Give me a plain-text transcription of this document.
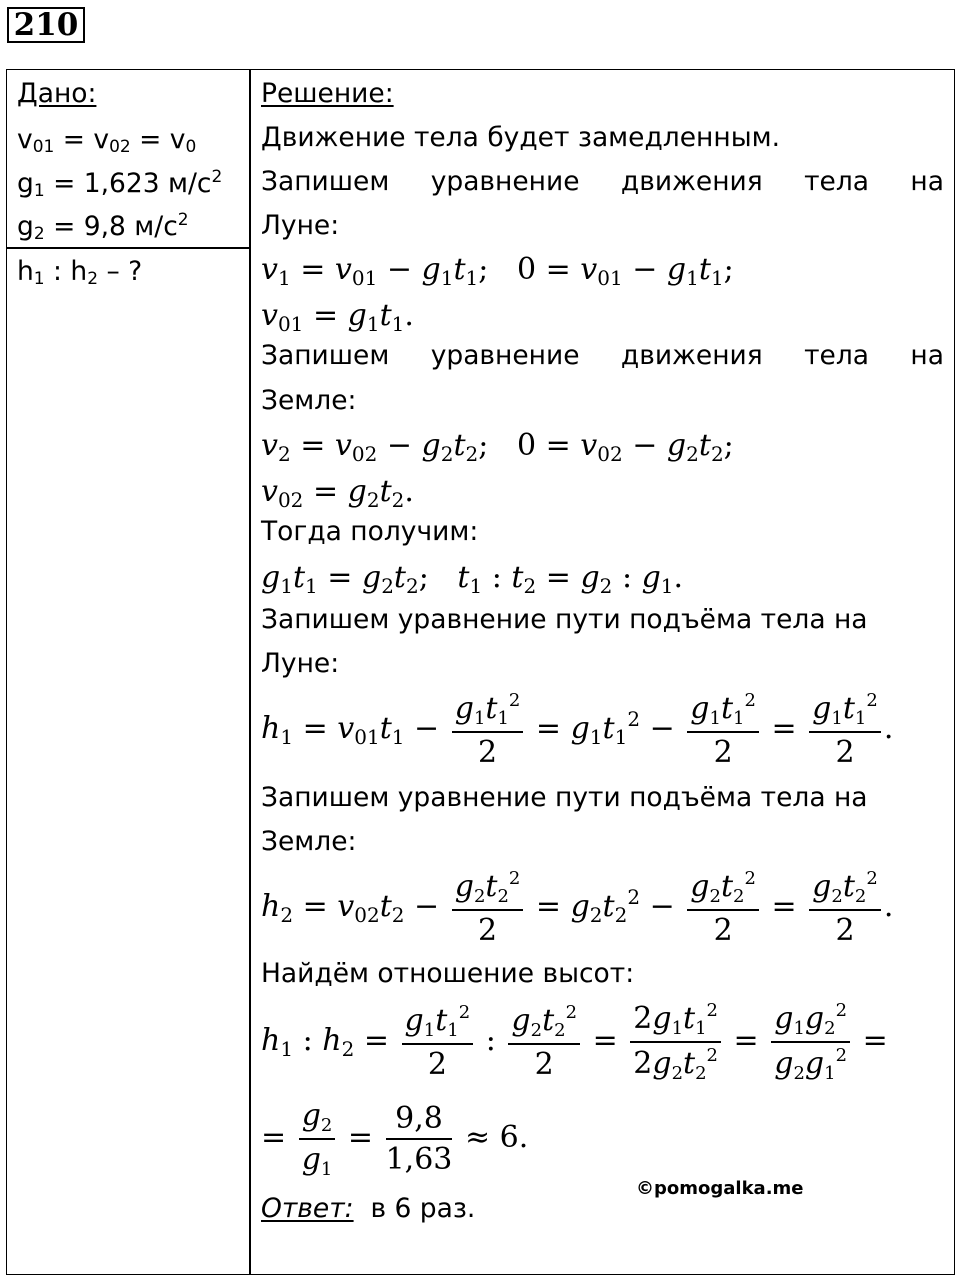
210
Дано:
$v_{01} = v_{02} = v_0$
$g_1 = 1,623$ $м/с^2$
$g_2 = 9,8$ $м/с^2$
$h_1$ : $h_2$ – ?
Решение:
Движение тела будет замедленным.
Запишем уравнение движения тела на
Луне:
$v_1 = v_{01} - g_1t_1$; $0 = v_{01} - g_1t_1$;
$v_{01} = g_1t_1$.
Запишем уравнение движения тела на
Земле:
$v_2 = v_{02} - g_2t_2$; $0 = v_{02} - g_2t_2$;
$v_{02} = g_2t_2$.
Тогда получим:
$g_1t_1 = g_2t_2$;   $t_1$ : $t_2 = g_2$ : $g_1$.
Запишем уравнение пути подъёма тела на
Луне:
$h_1 = v_{01}t_1 - \frac{g_1t_1^2}{2} = g_1t_1^2 - \frac{g_1t_1^2}{2} = \frac{g_1t_1^2}{2}$ .
Запишем уравнение пути подъёма тела на
Земле:
$h_2 = v_{02}t_2 - \frac{g_2t_2^2}{2} = g_2t_2^2 - \frac{g_2t_2^2}{2} = \frac{g_2t_2^2}{2}$ .
Найдём отношение высот:
$h_1$ : $h_2 = \frac{g_1t_1^2}{2}$ : $\frac{g_2t_2^2}{2} = \frac{2g_1t_1^2}{2g_2t_2^2} = \frac{g_1g_2^2}{g_2g_1^2}$ =
= $\frac{g_2}{g_1} = \frac{9,8}{1,63} \approx 6$.
Ответ: в 6 раз.
©pomogalka.me
